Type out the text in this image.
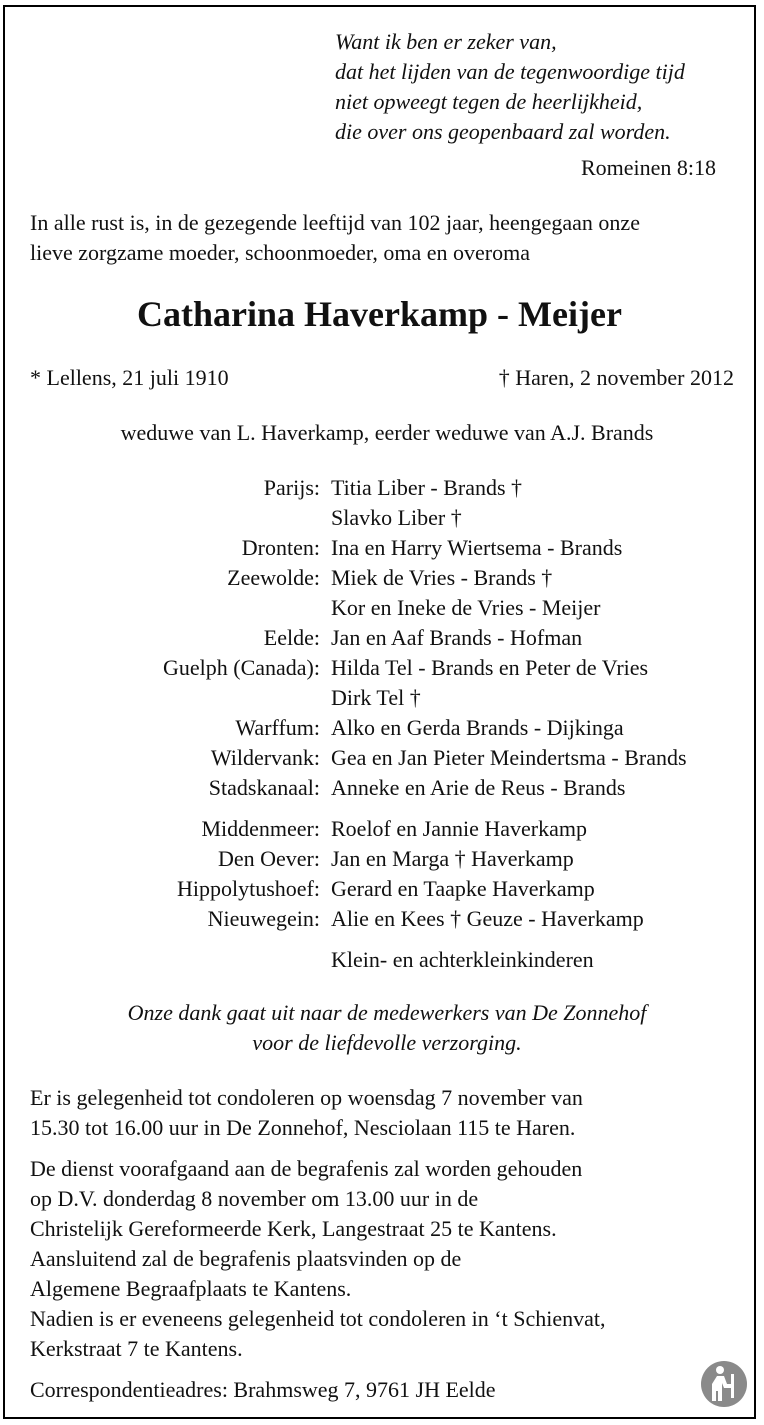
Want ik ben er zeker van,
dat het lijden van de tegenwoordige tijd
niet opweegt tegen de heerlijkheid,
die over ons geopenbaard zal worden.
Romeinen 8:18
In alle rust is, in de gezegende leeftijd van 102 jaar, heengegaan onze
lieve zorgzame moeder, schoonmoeder, oma en overoma
Catharina Haverkamp - Meijer
* Lellens, 21 juli 1910	† Haren, 2 november 2012
weduwe van L. Haverkamp, eerder weduwe van A.J. Brands
Parijs: Titia Liber - Brands †
Slavko Liber †
Dronten: Ina en Harry Wiertsema - Brands
Zeewolde: Miek de Vries - Brands †
Kor en Ineke de Vries - Meijer
Eelde: Jan en Aaf Brands - Hofman
Guelph (Canada): Hilda Tel - Brands en Peter de Vries
Dirk Tel †
Warffum: Alko en Gerda Brands - Dijkinga
Wildervank: Gea en Jan Pieter Meindertsma - Brands
Stadskanaal: Anneke en Arie de Reus - Brands
Middenmeer: Roelof en Jannie Haverkamp
Den Oever: Jan en Marga † Haverkamp
Hippolytushoef: Gerard en Taapke Haverkamp
Nieuwegein: Alie en Kees † Geuze - Haverkamp
Klein- en achterkleinkinderen
Onze dank gaat uit naar de medewerkers van De Zonnehof
voor de liefdevolle verzorging.
Er is gelegenheid tot condoleren op woensdag 7 november van
15.30 tot 16.00 uur in De Zonnehof, Nesciolaan 115 te Haren.
De dienst voorafgaand aan de begrafenis zal worden gehouden
op D.V. donderdag 8 november om 13.00 uur in de
Christelijk Gereformeerde Kerk, Langestraat 25 te Kantens.
Aansluitend zal de begrafenis plaatsvinden op de
Algemene Begraafplaats te Kantens.
Nadien is er eveneens gelegenheid tot condoleren in ‘t Schienvat,
Kerkstraat 7 te Kantens.
Correspondentieadres: Brahmsweg 7, 9761 JH Eelde
